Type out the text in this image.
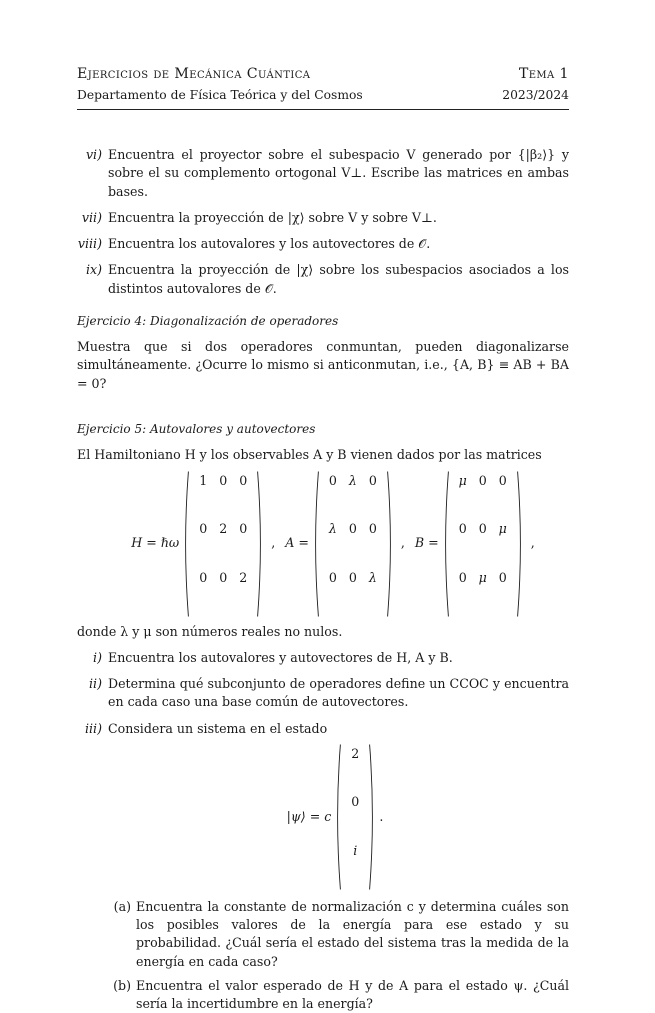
Ejercicios de Mecánica Cuántica	Tema 1
Departamento de Física Teórica y del Cosmos	2023/2024
vi) Encuentra el proyector sobre el subespacio V generado por {|β₂⟩} y sobre el su complemento ortogonal V⊥. Escribe las matrices en ambas bases.
vii) Encuentra la proyección de |χ⟩ sobre V y sobre V⊥.
viii) Encuentra los autovalores y los autovectores de 𝒪.
ix) Encuentra la proyección de |χ⟩ sobre los subespacios asociados a los distintos autovalores de 𝒪.

Ejercicio 4: Diagonalización de operadores

Muestra que si dos operadores conmuntan, pueden diagonalizarse simultáneamente. ¿Ocurre lo mismo si anticonmutan, i.e., {A, B} ≡ AB + BA = 0?

Ejercicio 5: Autovalores y autovectores

El Hamiltoniano H y los observables A y B vienen dados por las matrices

H = ℏω
1 0 0
0 2 0
0 0 2
, A =
0 λ 0
λ 0 0
0 0 λ
, B =
μ 0 0
0 0 μ
0 μ 0
,

donde λ y μ son números reales no nulos.

i) Encuentra los autovalores y autovectores de H, A y B.
ii) Determina qué subconjunto de operadores define un CCOC y encuentra en cada caso una base común de autovectores.
iii) Considera un sistema en el estado
|ψ⟩ = c
2
0
i
.
(a) Encuentra la constante de normalización c y determina cuáles son los posibles valores de la energía para ese estado y su probabilidad. ¿Cuál sería el estado del sistema tras la medida de la energía en cada caso?
(b) Encuentra el valor esperado de H y de A para el estado ψ. ¿Cuál sería la incertidumbre en la energía?
